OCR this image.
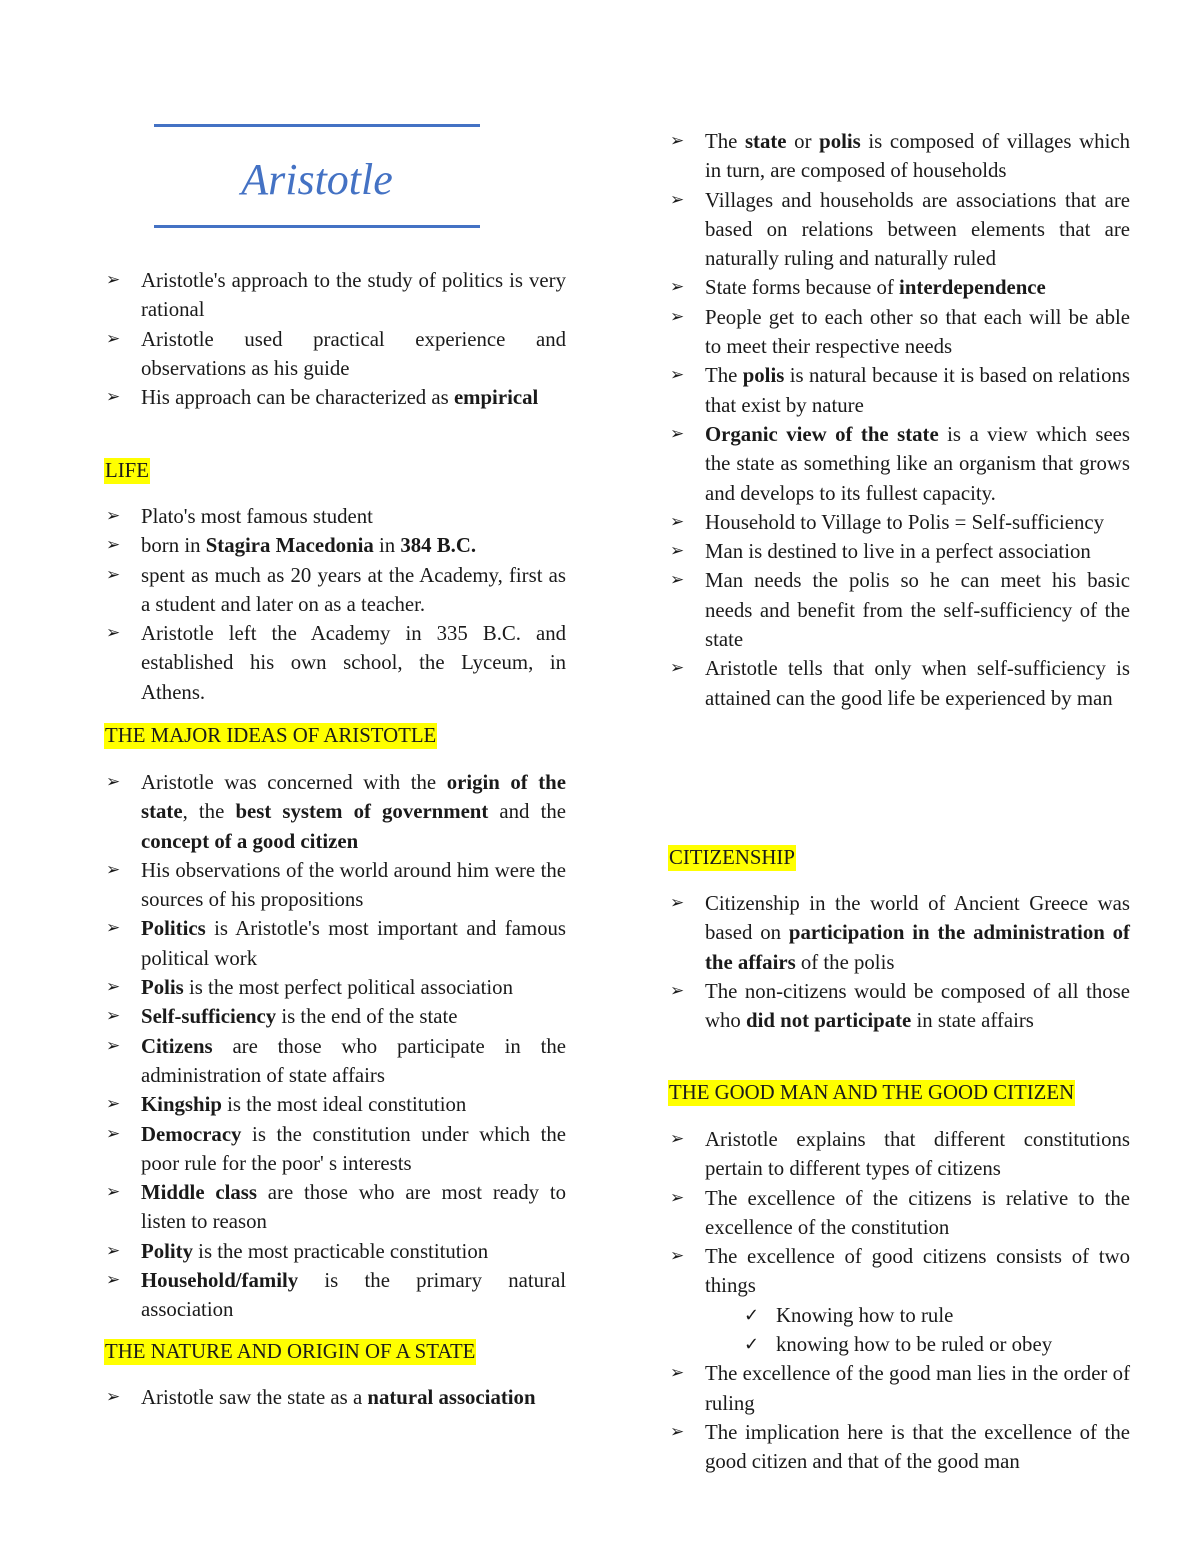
Aristotle
➢ Aristotle's approach to the study of politics is very rational
➢ Aristotle used practical experience and observations as his guide
➢ His approach can be characterized as empirical
LIFE
➢ Plato's most famous student
➢ born in Stagira Macedonia in 384 B.C.
➢ spent as much as 20 years at the Academy, first as a student and later on as a teacher.
➢ Aristotle left the Academy in 335 B.C. and established his own school, the Lyceum, in Athens.
THE MAJOR IDEAS OF ARISTOTLE
➢ Aristotle was concerned with the origin of the state, the best system of government and the concept of a good citizen
➢ His observations of the world around him were the sources of his propositions
➢ Politics is Aristotle's most important and famous political work
➢ Polis is the most perfect political association
➢ Self-sufficiency is the end of the state
➢ Citizens are those who participate in the administration of state affairs
➢ Kingship is the most ideal constitution
➢ Democracy is the constitution under which the poor rule for the poor' s interests
➢ Middle class are those who are most ready to listen to reason
➢ Polity is the most practicable constitution
➢ Household/family is the primary natural association
THE NATURE AND ORIGIN OF A STATE
➢ Aristotle saw the state as a natural association
➢ The state or polis is composed of villages which in turn, are composed of households
➢ Villages and households are associations that are based on relations between elements that are naturally ruling and naturally ruled
➢ State forms because of interdependence
➢ People get to each other so that each will be able to meet their respective needs
➢ The polis is natural because it is based on relations that exist by nature
➢ Organic view of the state is a view which sees the state as something like an organism that grows and develops to its fullest capacity.
➢ Household to Village to Polis = Self-sufficiency
➢ Man is destined to live in a perfect association
➢ Man needs the polis so he can meet his basic needs and benefit from the self-sufficiency of the state
➢ Aristotle tells that only when self-sufficiency is attained can the good life be experienced by man
CITIZENSHIP
➢ Citizenship in the world of Ancient Greece was based on participation in the administration of the affairs of the polis
➢ The non-citizens would be composed of all those who did not participate in state affairs
THE GOOD MAN AND THE GOOD CITIZEN
➢ Aristotle explains that different constitutions pertain to different types of citizens
➢ The excellence of the citizens is relative to the excellence of the constitution
➢ The excellence of good citizens consists of two things
✓ Knowing how to rule
✓ knowing how to be ruled or obey
➢ The excellence of the good man lies in the order of ruling
➢ The implication here is that the excellence of the good citizen and that of the good man
